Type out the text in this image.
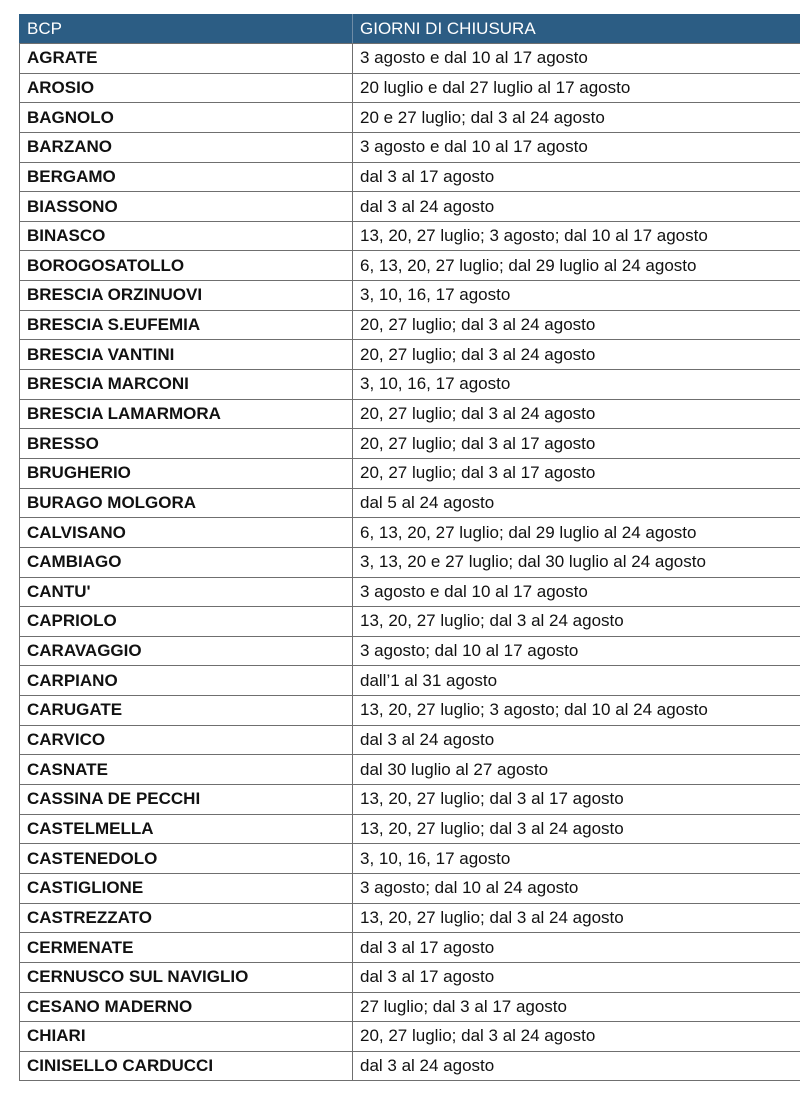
BCP	GIORNI DI CHIUSURA
AGRATE	3 agosto e dal 10 al 17 agosto
AROSIO	20 luglio e dal 27 luglio al 17 agosto
BAGNOLO	20 e 27 luglio; dal 3 al 24 agosto
BARZANO	3 agosto e dal 10 al 17 agosto
BERGAMO	dal 3 al 17 agosto
BIASSONO	dal 3 al 24 agosto
BINASCO	13, 20, 27 luglio; 3 agosto; dal 10 al 17 agosto
BOROGOSATOLLO	6, 13, 20, 27 luglio; dal 29 luglio al 24 agosto
BRESCIA ORZINUOVI	3, 10, 16, 17 agosto
BRESCIA S.EUFEMIA	20, 27 luglio; dal 3 al 24 agosto
BRESCIA VANTINI	20, 27 luglio; dal 3 al 24 agosto
BRESCIA MARCONI	3, 10, 16, 17 agosto
BRESCIA LAMARMORA	20, 27 luglio; dal 3 al 24 agosto
BRESSO	20, 27 luglio; dal 3 al 17 agosto
BRUGHERIO	20, 27 luglio; dal 3 al 17 agosto
BURAGO MOLGORA	dal 5 al 24 agosto
CALVISANO	6, 13, 20, 27 luglio; dal 29 luglio al 24 agosto
CAMBIAGO	3, 13, 20 e 27 luglio; dal 30 luglio al 24 agosto
CANTU'	3 agosto e dal 10 al 17 agosto
CAPRIOLO	13, 20, 27 luglio; dal 3 al 24 agosto
CARAVAGGIO	3 agosto; dal 10 al 17 agosto
CARPIANO	dall’1 al 31 agosto
CARUGATE	13, 20, 27 luglio; 3 agosto; dal 10 al 24 agosto
CARVICO	dal 3 al 24 agosto
CASNATE	dal 30 luglio al 27 agosto
CASSINA DE PECCHI	13, 20, 27 luglio; dal 3 al 17 agosto
CASTELMELLA	13, 20, 27 luglio; dal 3 al 24 agosto
CASTENEDOLO	3, 10, 16, 17 agosto
CASTIGLIONE	3 agosto; dal 10 al 24 agosto
CASTREZZATO	13, 20, 27 luglio; dal 3 al 24 agosto
CERMENATE	dal 3 al 17 agosto
CERNUSCO SUL NAVIGLIO	dal 3 al 17 agosto
CESANO MADERNO	27 luglio; dal 3 al 17 agosto
CHIARI	20, 27 luglio; dal 3 al 24 agosto
CINISELLO CARDUCCI	dal 3 al 24 agosto
